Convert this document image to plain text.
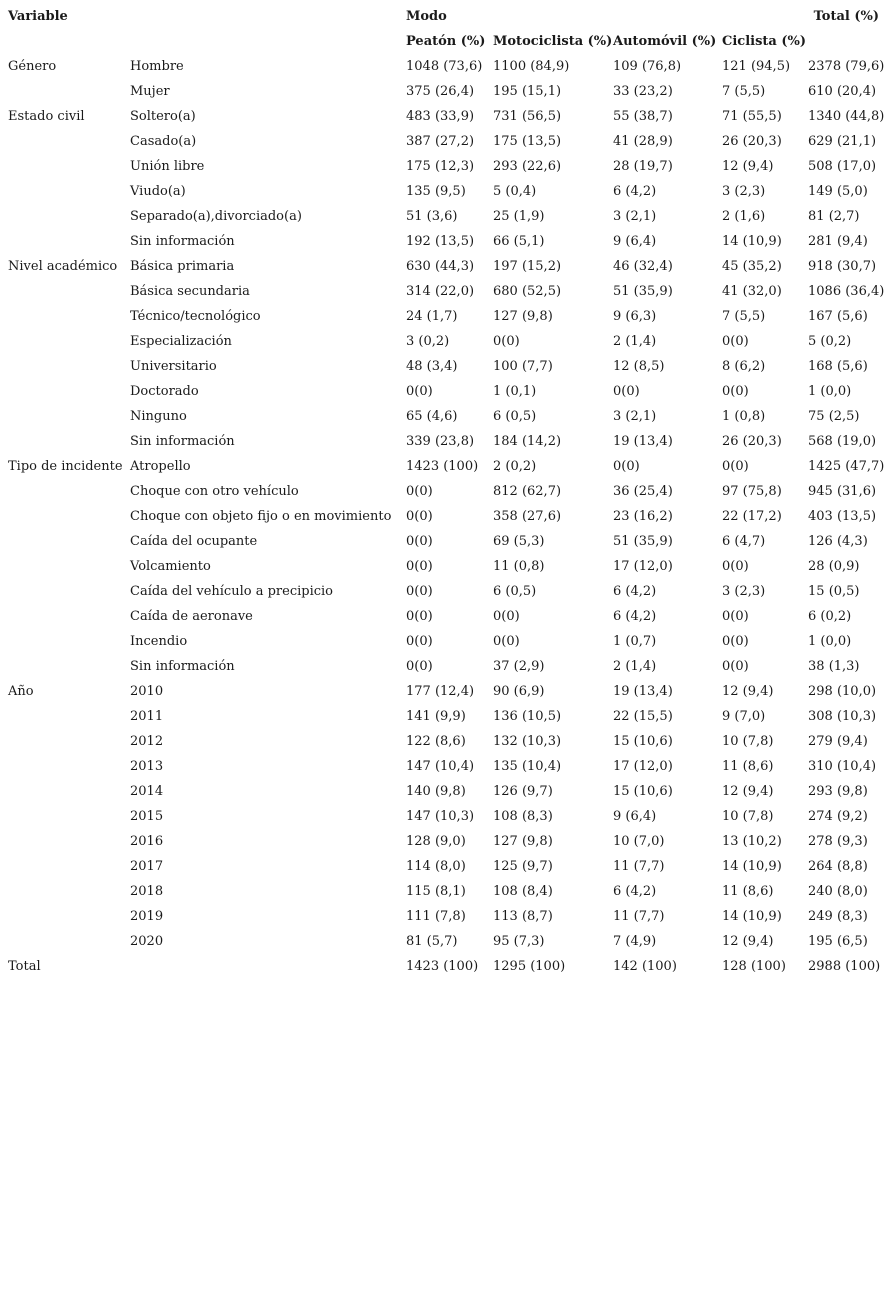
Variable		Modo				Total (%)
		Peatón (%)	Motociclista (%)	Automóvil (%)	Ciclista (%)	
Género	Hombre	1048 (73,6)	1100 (84,9)	109 (76,8)	121 (94,5)	2378 (79,6)
	Mujer	375 (26,4)	195 (15,1)	33 (23,2)	7 (5,5)	610 (20,4)
Estado civil	Soltero(a)	483 (33,9)	731 (56,5)	55 (38,7)	71 (55,5)	1340 (44,8)
	Casado(a)	387 (27,2)	175 (13,5)	41 (28,9)	26 (20,3)	629 (21,1)
	Unión libre	175 (12,3)	293 (22,6)	28 (19,7)	12 (9,4)	508 (17,0)
	Viudo(a)	135 (9,5)	5 (0,4)	6 (4,2)	3 (2,3)	149 (5,0)
	Separado(a),divorciado(a)	51 (3,6)	25 (1,9)	3 (2,1)	2 (1,6)	81 (2,7)
	Sin información	192 (13,5)	66 (5,1)	9 (6,4)	14 (10,9)	281 (9,4)
Nivel académico	Básica primaria	630 (44,3)	197 (15,2)	46 (32,4)	45 (35,2)	918 (30,7)
	Básica secundaria	314 (22,0)	680 (52,5)	51 (35,9)	41 (32,0)	1086 (36,4)
	Técnico/tecnológico	24 (1,7)	127 (9,8)	9 (6,3)	7 (5,5)	167 (5,6)
	Especialización	3 (0,2)	0(0)	2 (1,4)	0(0)	5 (0,2)
	Universitario	48 (3,4)	100 (7,7)	12 (8,5)	8 (6,2)	168 (5,6)
	Doctorado	0(0)	1 (0,1)	0(0)	0(0)	1 (0,0)
	Ninguno	65 (4,6)	6 (0,5)	3 (2,1)	1 (0,8)	75 (2,5)
	Sin información	339 (23,8)	184 (14,2)	19 (13,4)	26 (20,3)	568 (19,0)
Tipo de incidente	Atropello	1423 (100)	2 (0,2)	0(0)	0(0)	1425 (47,7)
	Choque con otro vehículo	0(0)	812 (62,7)	36 (25,4)	97 (75,8)	945 (31,6)
	Choque con objeto fijo o en movimiento	0(0)	358 (27,6)	23 (16,2)	22 (17,2)	403 (13,5)
	Caída del ocupante	0(0)	69 (5,3)	51 (35,9)	6 (4,7)	126 (4,3)
	Volcamiento	0(0)	11 (0,8)	17 (12,0)	0(0)	28 (0,9)
	Caída del vehículo a precipicio	0(0)	6 (0,5)	6 (4,2)	3 (2,3)	15 (0,5)
	Caída de aeronave	0(0)	0(0)	6 (4,2)	0(0)	6 (0,2)
	Incendio	0(0)	0(0)	1 (0,7)	0(0)	1 (0,0)
	Sin información	0(0)	37 (2,9)	2 (1,4)	0(0)	38 (1,3)
Año	2010	177 (12,4)	90 (6,9)	19 (13,4)	12 (9,4)	298 (10,0)
	2011	141 (9,9)	136 (10,5)	22 (15,5)	9 (7,0)	308 (10,3)
	2012	122 (8,6)	132 (10,3)	15 (10,6)	10 (7,8)	279 (9,4)
	2013	147 (10,4)	135 (10,4)	17 (12,0)	11 (8,6)	310 (10,4)
	2014	140 (9,8)	126 (9,7)	15 (10,6)	12 (9,4)	293 (9,8)
	2015	147 (10,3)	108 (8,3)	9 (6,4)	10 (7,8)	274 (9,2)
	2016	128 (9,0)	127 (9,8)	10 (7,0)	13 (10,2)	278 (9,3)
	2017	114 (8,0)	125 (9,7)	11 (7,7)	14 (10,9)	264 (8,8)
	2018	115 (8,1)	108 (8,4)	6 (4,2)	11 (8,6)	240 (8,0)
	2019	111 (7,8)	113 (8,7)	11 (7,7)	14 (10,9)	249 (8,3)
	2020	81 (5,7)	95 (7,3)	7 (4,9)	12 (9,4)	195 (6,5)
Total		1423 (100)	1295 (100)	142 (100)	128 (100)	2988 (100)
